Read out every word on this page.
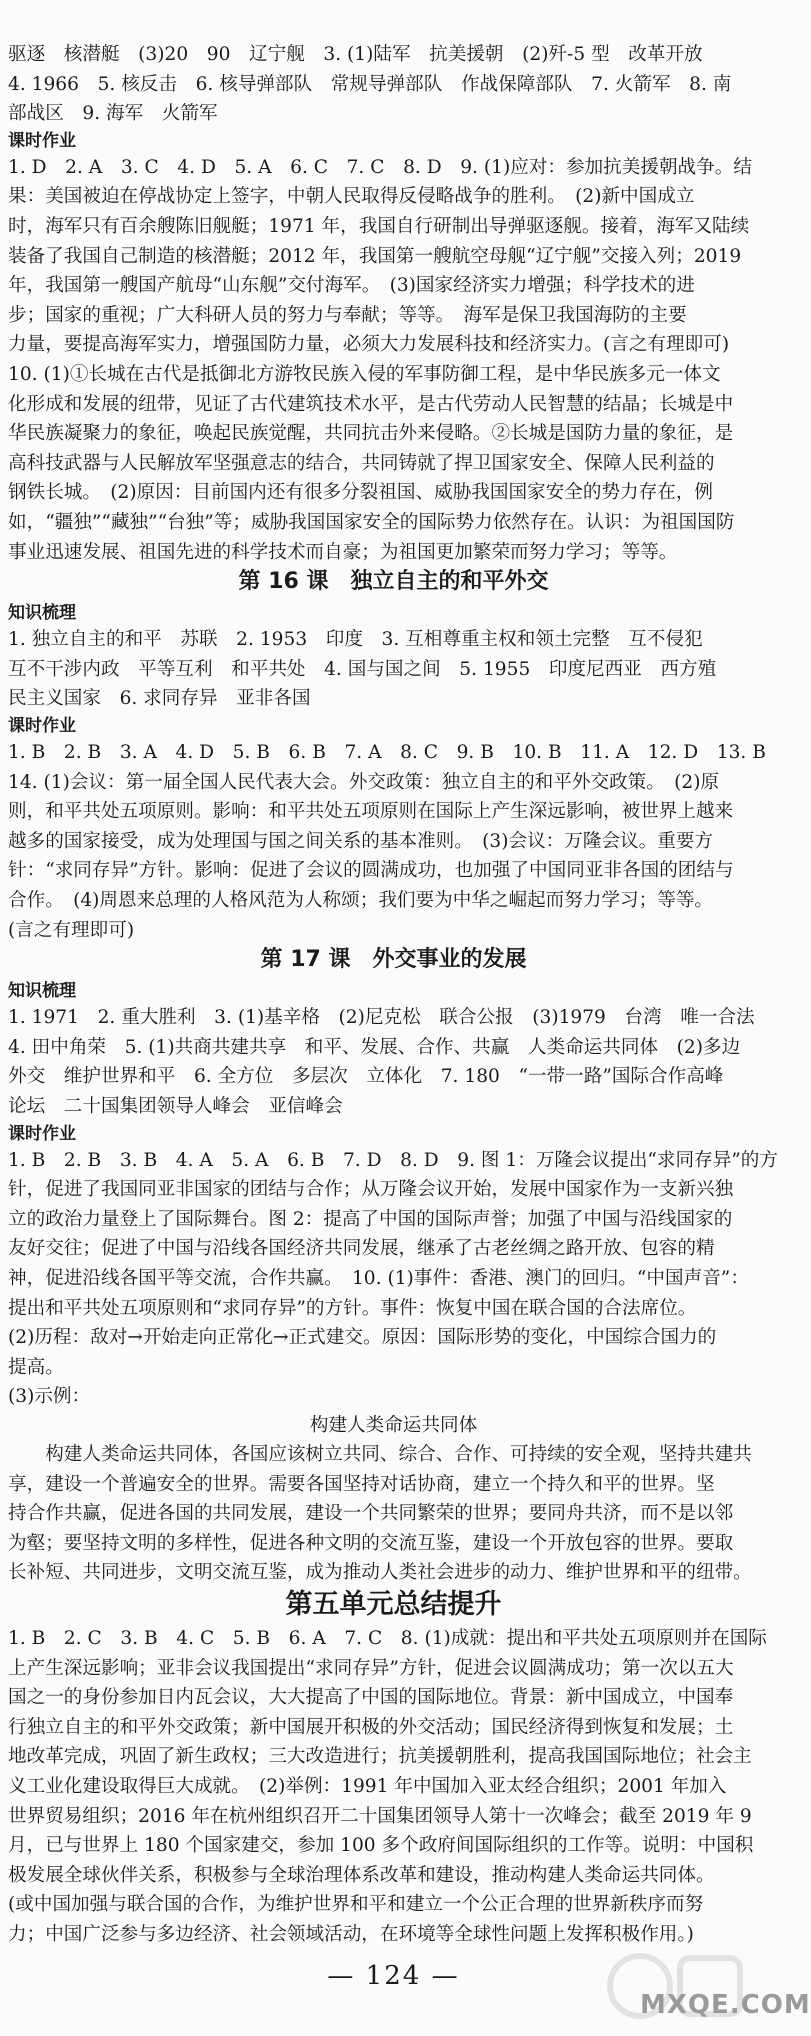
驱逐　核潜艇　(3)20　90　辽宁舰　3. (1)陆军　抗美援朝　(2)歼-5 型　改革开放
4. 1966　5. 核反击　6. 核导弹部队　常规导弹部队　作战保障部队　7. 火箭军　8. 南
部战区　9. 海军　火箭军
课时作业
1. D　2. A　3. C　4. D　5. A　6. C　7. C　8. D　9. (1)应对：参加抗美援朝战争。结
果：美国被迫在停战协定上签字，中朝人民取得反侵略战争的胜利。　(2)新中国成立
时，海军只有百余艘陈旧舰艇；1971 年，我国自行研制出导弹驱逐舰。接着，海军又陆续
装备了我国自己制造的核潜艇；2012 年，我国第一艘航空母舰“辽宁舰”交接入列；2019
年，我国第一艘国产航母“山东舰”交付海军。　(3)国家经济实力增强；科学技术的进
步；国家的重视；广大科研人员的努力与奉献；等等。　海军是保卫我国海防的主要
力量，要提高海军实力，增强国防力量，必须大力发展科技和经济实力。(言之有理即可)
10. (1)①长城在古代是抵御北方游牧民族入侵的军事防御工程，是中华民族多元一体文
化形成和发展的纽带，见证了古代建筑技术水平，是古代劳动人民智慧的结晶；长城是中
华民族凝聚力的象征，唤起民族觉醒，共同抗击外来侵略。②长城是国防力量的象征，是
高科技武器与人民解放军坚强意志的结合，共同铸就了捍卫国家安全、保障人民利益的
钢铁长城。　(2)原因：目前国内还有很多分裂祖国、威胁我国国家安全的势力存在，例
如，“疆独”“藏独”“台独”等；威胁我国国家安全的国际势力依然存在。认识：为祖国国防
事业迅速发展、祖国先进的科学技术而自豪；为祖国更加繁荣而努力学习；等等。
第 16 课　独立自主的和平外交
知识梳理
1. 独立自主的和平　苏联　2. 1953　印度　3. 互相尊重主权和领土完整　互不侵犯
互不干涉内政　平等互利　和平共处　4. 国与国之间　5. 1955　印度尼西亚　西方殖
民主义国家　6. 求同存异　亚非各国
课时作业
1. B　2. B　3. A　4. D　5. B　6. B　7. A　8. C　9. B　10. B　11. A　12. D　13. B
14. (1)会议：第一届全国人民代表大会。外交政策：独立自主的和平外交政策。　(2)原
则，和平共处五项原则。影响：和平共处五项原则在国际上产生深远影响，被世界上越来
越多的国家接受，成为处理国与国之间关系的基本准则。　(3)会议：万隆会议。重要方
针：“求同存异”方针。影响：促进了会议的圆满成功，也加强了中国同亚非各国的团结与
合作。　(4)周恩来总理的人格风范为人称颂；我们要为中华之崛起而努力学习；等等。
(言之有理即可)
第 17 课　外交事业的发展
知识梳理
1. 1971　2. 重大胜利　3. (1)基辛格　(2)尼克松　联合公报　(3)1979　台湾　唯一合法
4. 田中角荣　5. (1)共商共建共享　和平、发展、合作、共赢　人类命运共同体　(2)多边
外交　维护世界和平　6. 全方位　多层次　立体化　7. 180　“一带一路”国际合作高峰
论坛　二十国集团领导人峰会　亚信峰会
课时作业
1. B　2. B　3. B　4. A　5. A　6. B　7. D　8. D　9. 图 1：万隆会议提出“求同存异”的方
针，促进了我国同亚非国家的团结与合作；从万隆会议开始，发展中国家作为一支新兴独
立的政治力量登上了国际舞台。图 2：提高了中国的国际声誉；加强了中国与沿线国家的
友好交往；促进了中国与沿线各国经济共同发展，继承了古老丝绸之路开放、包容的精
神，促进沿线各国平等交流，合作共赢。　10. (1)事件：香港、澳门的回归。“中国声音”：
提出和平共处五项原则和“求同存异”的方针。事件：恢复中国在联合国的合法席位。
(2)历程：敌对→开始走向正常化→正式建交。原因：国际形势的变化，中国综合国力的
提高。
(3)示例：
构建人类命运共同体
　　构建人类命运共同体，各国应该树立共同、综合、合作、可持续的安全观，坚持共建共
享，建设一个普遍安全的世界。需要各国坚持对话协商，建立一个持久和平的世界。坚
持合作共赢，促进各国的共同发展，建设一个共同繁荣的世界；要同舟共济，而不是以邻
为壑；要坚持文明的多样性，促进各种文明的交流互鉴，建设一个开放包容的世界。要取
长补短、共同进步，文明交流互鉴，成为推动人类社会进步的动力、维护世界和平的纽带。
第五单元总结提升
1. B　2. C　3. B　4. C　5. B　6. A　7. C　8. (1)成就：提出和平共处五项原则并在国际
上产生深远影响；亚非会议我国提出“求同存异”方针，促进会议圆满成功；第一次以五大
国之一的身份参加日内瓦会议，大大提高了中国的国际地位。背景：新中国成立，中国奉
行独立自主的和平外交政策；新中国展开积极的外交活动；国民经济得到恢复和发展；土
地改革完成，巩固了新生政权；三大改造进行；抗美援朝胜利，提高我国国际地位；社会主
义工业化建设取得巨大成就。　(2)举例：1991 年中国加入亚太经合组织；2001 年加入
世界贸易组织；2016 年在杭州组织召开二十国集团领导人第十一次峰会；截至 2019 年 9
月，已与世界上 180 个国家建交，参加 100 多个政府间国际组织的工作等。说明：中国积
极发展全球伙伴关系，积极参与全球治理体系改革和建设，推动构建人类命运共同体。
(或中国加强与联合国的合作，为维护世界和平和建立一个公正合理的世界新秩序而努
力；中国广泛参与多边经济、社会领域活动，在环境等全球性问题上发挥积极作用。)
— 124 —
MXQE.COM
